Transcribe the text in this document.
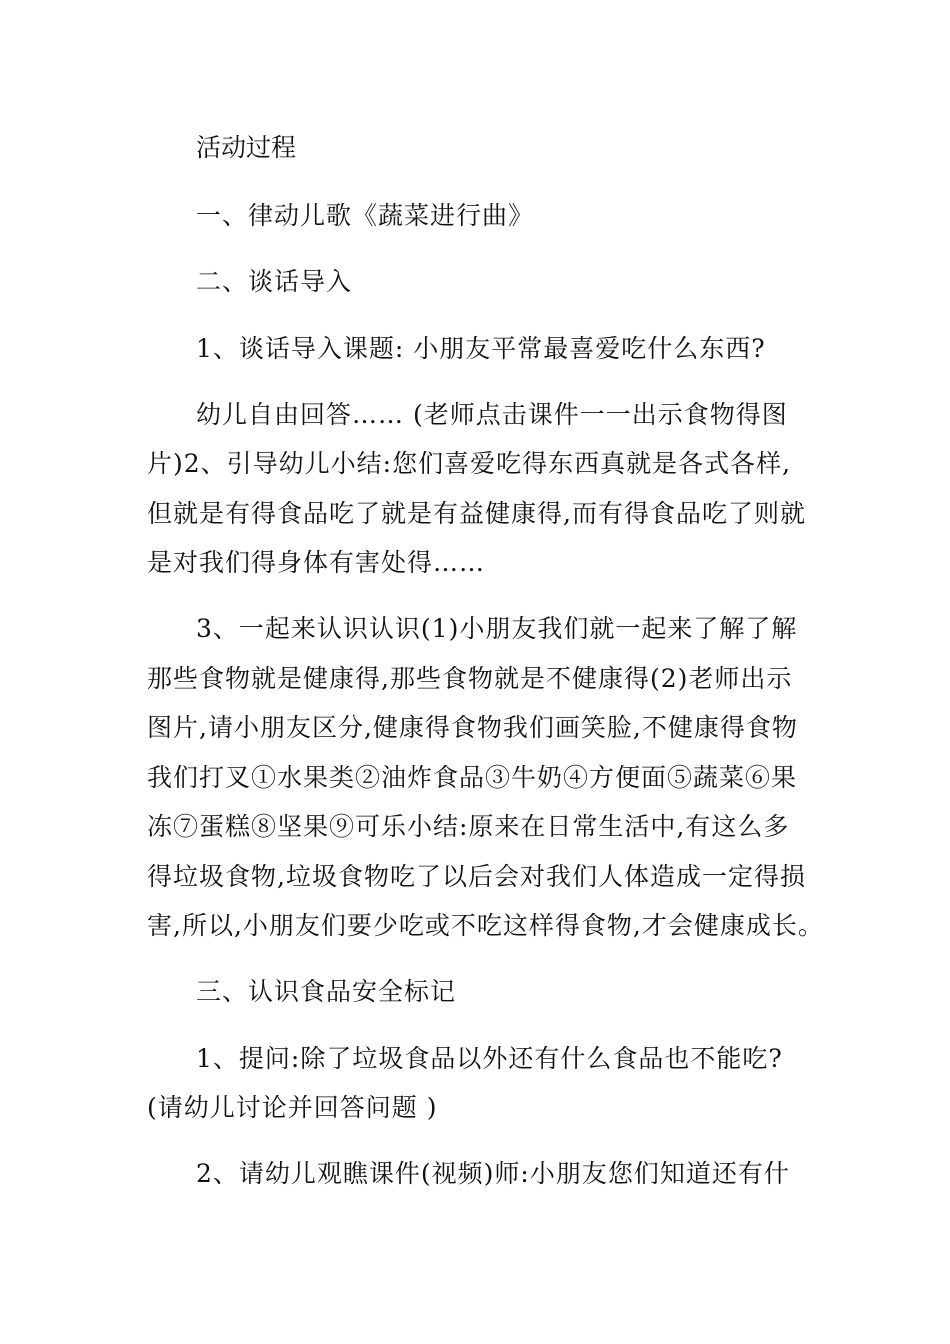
活动过程

一、律动儿歌《蔬菜进行曲》

二、谈话导入

1、谈话导入课题: 小朋友平常最喜爱吃什么东西?

幼儿自由回答…… (老师点击课件一一出示食物得图

片)2、引导幼儿小结:您们喜爱吃得东西真就是各式各样,

但就是有得食品吃了就是有益健康得,而有得食品吃了则就

是对我们得身体有害处得……

3、一起来认识认识(1)小朋友我们就一起来了解了解

那些食物就是健康得,那些食物就是不健康得(2)老师出示

图片,请小朋友区分,健康得食物我们画笑脸,不健康得食物

我们打叉①水果类②油炸食品③牛奶④方便面⑤蔬菜⑥果

冻⑦蛋糕⑧坚果⑨可乐小结:原来在日常生活中,有这么多

得垃圾食物,垃圾食物吃了以后会对我们人体造成一定得损

害,所以,小朋友们要少吃或不吃这样得食物,才会健康成长。

三、认识食品安全标记

1、提问:除了垃圾食品以外还有什么食品也不能吃?

(请幼儿讨论并回答问题 )

2、请幼儿观瞧课件(视频)师:小朋友您们知道还有什
